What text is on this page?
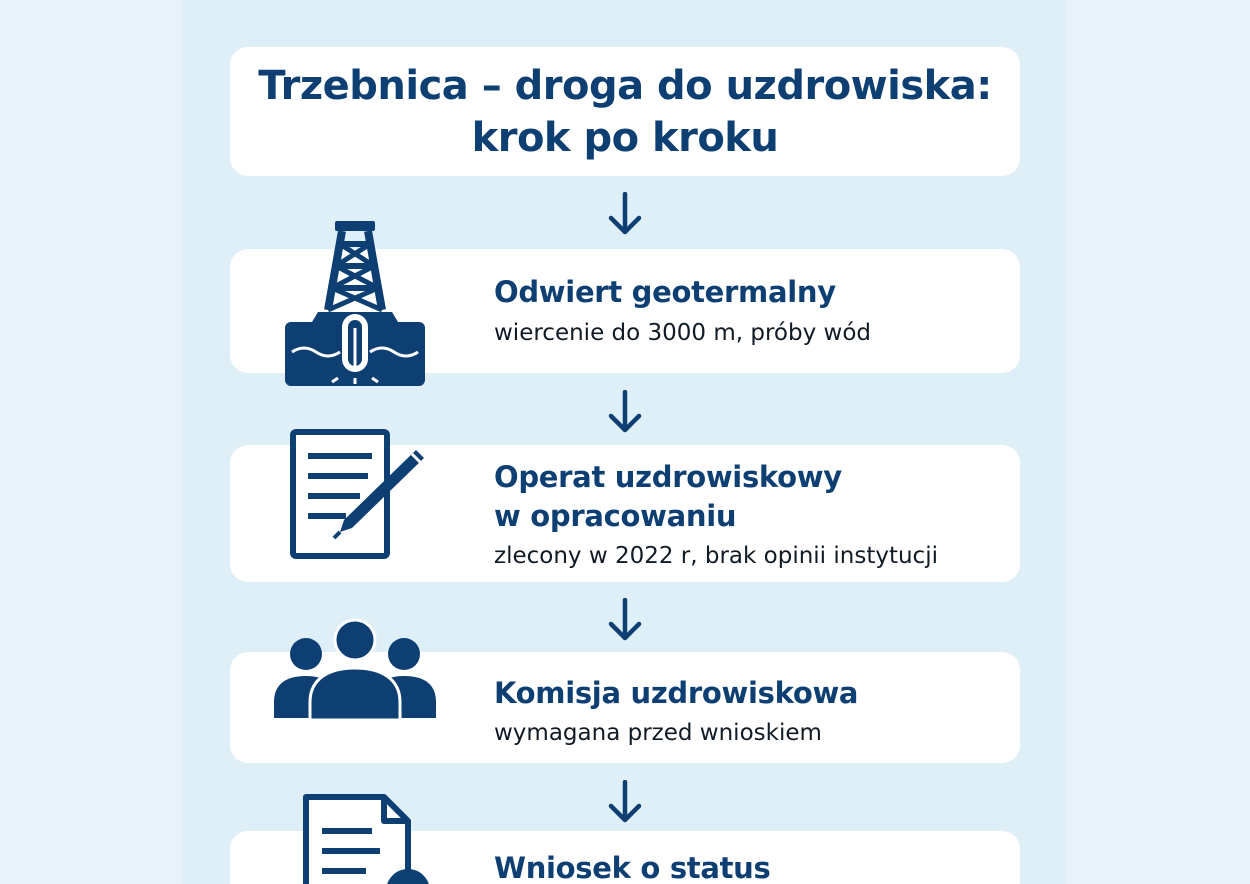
Trzebnica – droga do uzdrowiska:
krok po kroku
Odwiert geotermalny
wiercenie do 3000 m, próby wód
Operat uzdrowiskowy
w opracowaniu
zlecony w 2022 r, brak opinii instytucji
Komisja uzdrowiskowa
wymagana przed wnioskiem
Wniosek o status
